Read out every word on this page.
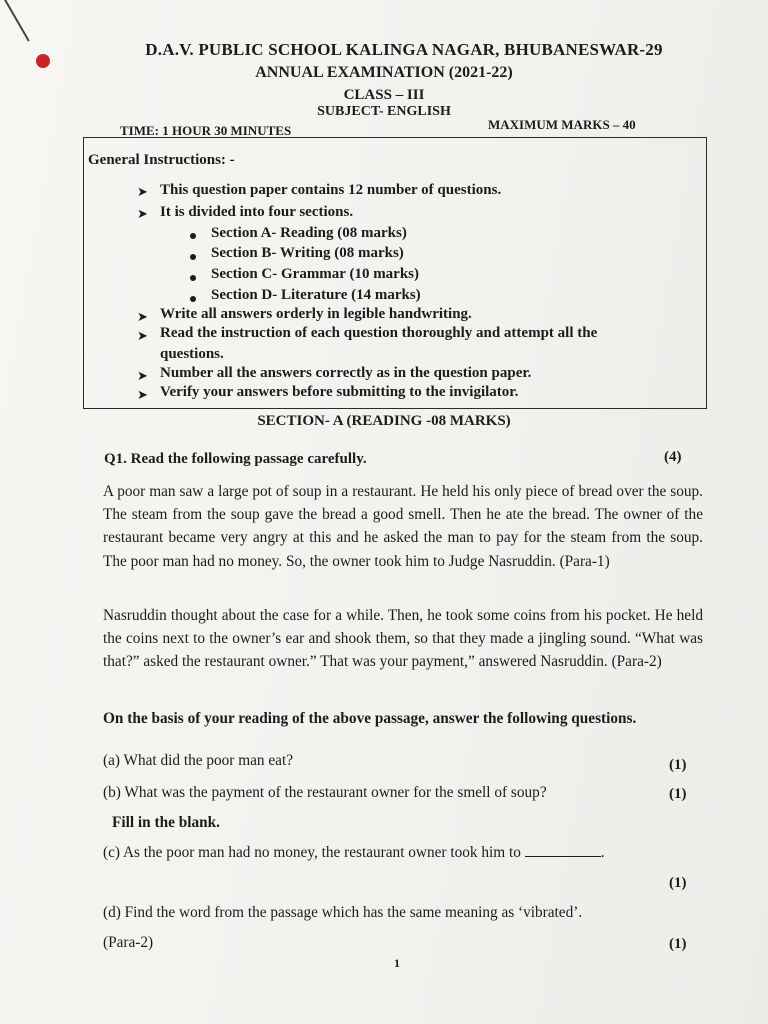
D.A.V. PUBLIC SCHOOL KALINGA NAGAR, BHUBANESWAR-29
ANNUAL EXAMINATION (2021-22)
CLASS – III
SUBJECT- ENGLISH
TIME: 1 HOUR 30 MINUTES	MAXIMUM MARKS – 40
General Instructions: -
➤ This question paper contains 12 number of questions.
➤ It is divided into four sections.
Section A- Reading (08 marks)
Section B- Writing (08 marks)
Section C- Grammar (10 marks)
Section D- Literature (14 marks)
➤ Write all answers orderly in legible handwriting.
➤ Read the instruction of each question thoroughly and attempt all the
questions.
➤ Number all the answers correctly as in the question paper.
➤ Verify your answers before submitting to the invigilator.
SECTION- A (READING -08 MARKS)
Q1. Read the following passage carefully.	(4)
A poor man saw a large pot of soup in a restaurant. He held his only piece of bread over the soup. The steam from the soup gave the bread a good smell. Then he ate the bread. The owner of the restaurant became very angry at this and he asked the man to pay for the steam from the soup. The poor man had no money. So, the owner took him to Judge Nasruddin. (Para-1)
Nasruddin thought about the case for a while. Then, he took some coins from his pocket. He held the coins next to the owner’s ear and shook them, so that they made a jingling sound. “What was that?” asked the restaurant owner.” That was your payment,” answered Nasruddin. (Para-2)
On the basis of your reading of the above passage, answer the following questions.
(a) What did the poor man eat?	(1)
(b) What was the payment of the restaurant owner for the smell of soup?	(1)
Fill in the blank.
(c) As the poor man had no money, the restaurant owner took him to	.
(1)
(d) Find the word from the passage which has the same meaning as ‘vibrated’.
(Para-2)	(1)
1
